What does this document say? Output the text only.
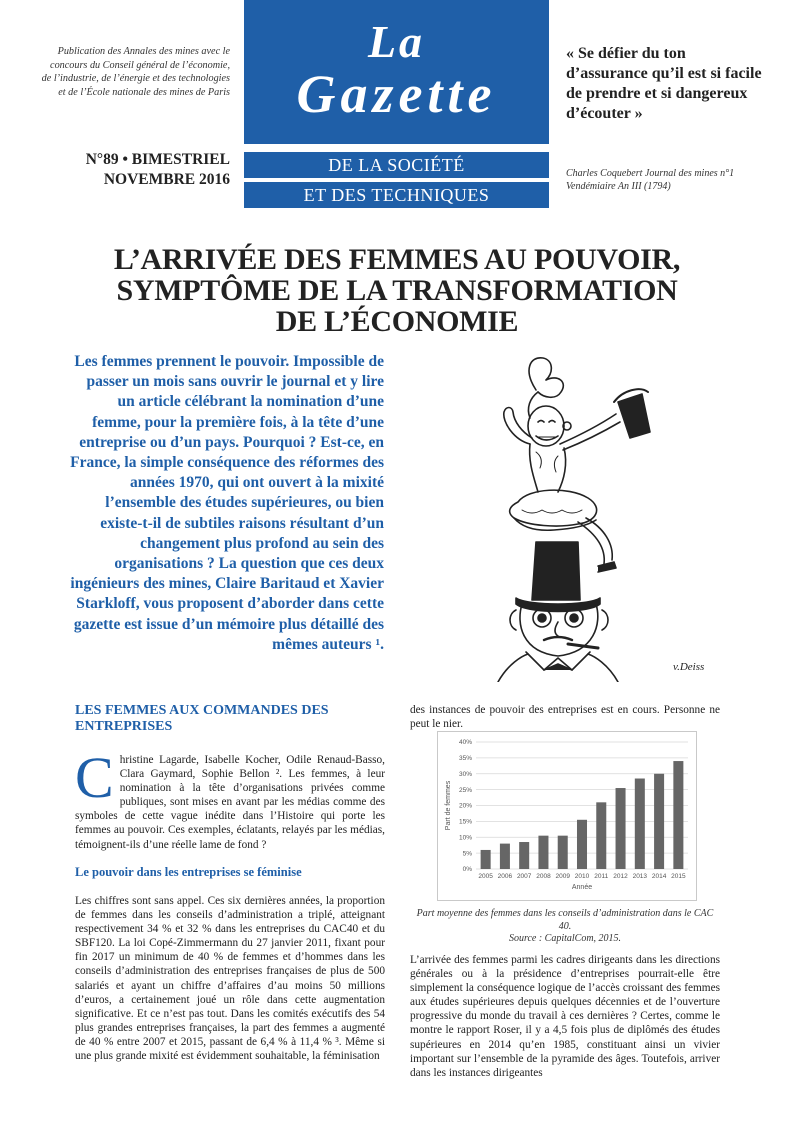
Publication des Annales des mines avec le concours du Conseil général de l’économie, de l’industrie, de l’énergie et des technologies et de l’École nationale des mines de Paris
N°89 • BIMESTRIEL
NOVEMBRE 2016
La
Gazette
DE LA SOCIÉTÉ
ET DES TECHNIQUES
« Se défier du ton d’assurance qu’il est si facile de prendre et si dangereux d’écouter »
Charles Coquebert Journal des mines n°1 Vendémiaire An III (1794)
L’ARRIVÉE DES FEMMES AU POUVOIR,
SYMPTÔME DE LA TRANSFORMATION
DE L’ÉCONOMIE
Les femmes prennent le pouvoir. Impossible de passer un mois sans ouvrir le journal et y lire un article célébrant la nomination d’une femme, pour la première fois, à la tête d’une entreprise ou d’un pays. Pourquoi ? Est-ce, en France, la simple conséquence des réformes des années 1970, qui ont ouvert à la mixité l’ensemble des études supérieures, ou bien existe-t-il de subtiles raisons résultant d’un changement plus profond au sein des organisations ? La question que ces deux ingénieurs des mines, Claire Baritaud et Xavier Starkloff, vous proposent d’aborder dans cette gazette est issue d’un mémoire plus détaillé des mêmes auteurs ¹.
v.Deiss
LES FEMMES AUX COMMANDES DES ENTREPRISES
C hristine Lagarde, Isabelle Kocher, Odile Renaud-Basso, Clara Gaymard, Sophie Bellon ². Les femmes, à leur nomination à la tête d’organisations privées comme publiques, sont mises en avant par les médias comme des symboles de cette vague inédite dans l’Histoire qui porte les femmes au pouvoir. Ces exemples, éclatants, relayés par les médias, témoignent-ils d’une réelle lame de fond ?
Le pouvoir dans les entreprises se féminise
Les chiffres sont sans appel. Ces six dernières années, la proportion de femmes dans les conseils d’administration a triplé, atteignant respectivement 34 % et 32 % dans les entreprises du CAC40 et du SBF120. La loi Copé-Zimmermann du 27 janvier 2011, fixant pour fin 2017 un minimum de 40 % de femmes et d’hommes dans les conseils d’administration des entreprises françaises de plus de 500 salariés et ayant un chiffre d’affaires d’au moins 50 millions d’euros, a certainement joué un rôle dans cette augmentation significative. Et ce n’est pas tout. Dans les comités exécutifs des 54 plus grandes entreprises françaises, la part des femmes a augmenté de 40 % entre 2007 et 2015, passant de 6,4 % à 11,4 % ³. Même si une plus grande mixité est évidemment souhaitable, la féminisation
des instances de pouvoir des entreprises est en cours. Personne ne peut le nier.
0%
5%
10%
15%
20%
25%
30%
35%
40%
2005 2006 2007 2008 2009 2010 2011 2012 2013 2014 2015
Année
Part de femmes
Part moyenne des femmes dans les conseils d’administration dans le CAC 40.
Source : CapitalCom, 2015.
L’arrivée des femmes parmi les cadres dirigeants dans les directions générales ou à la présidence d’entreprises pourrait-elle être simplement la conséquence logique de l’accès croissant des femmes aux études supérieures depuis quelques décennies et de l’ouverture progressive du monde du travail à ces dernières ? Certes, comme le montre le rapport Roser, il y a 4,5 fois plus de diplômés des études supérieures en 2014 qu’en 1985, constituant ainsi un vivier important sur l’ensemble de la pyramide des âges. Toutefois, arriver dans les instances dirigeantes
